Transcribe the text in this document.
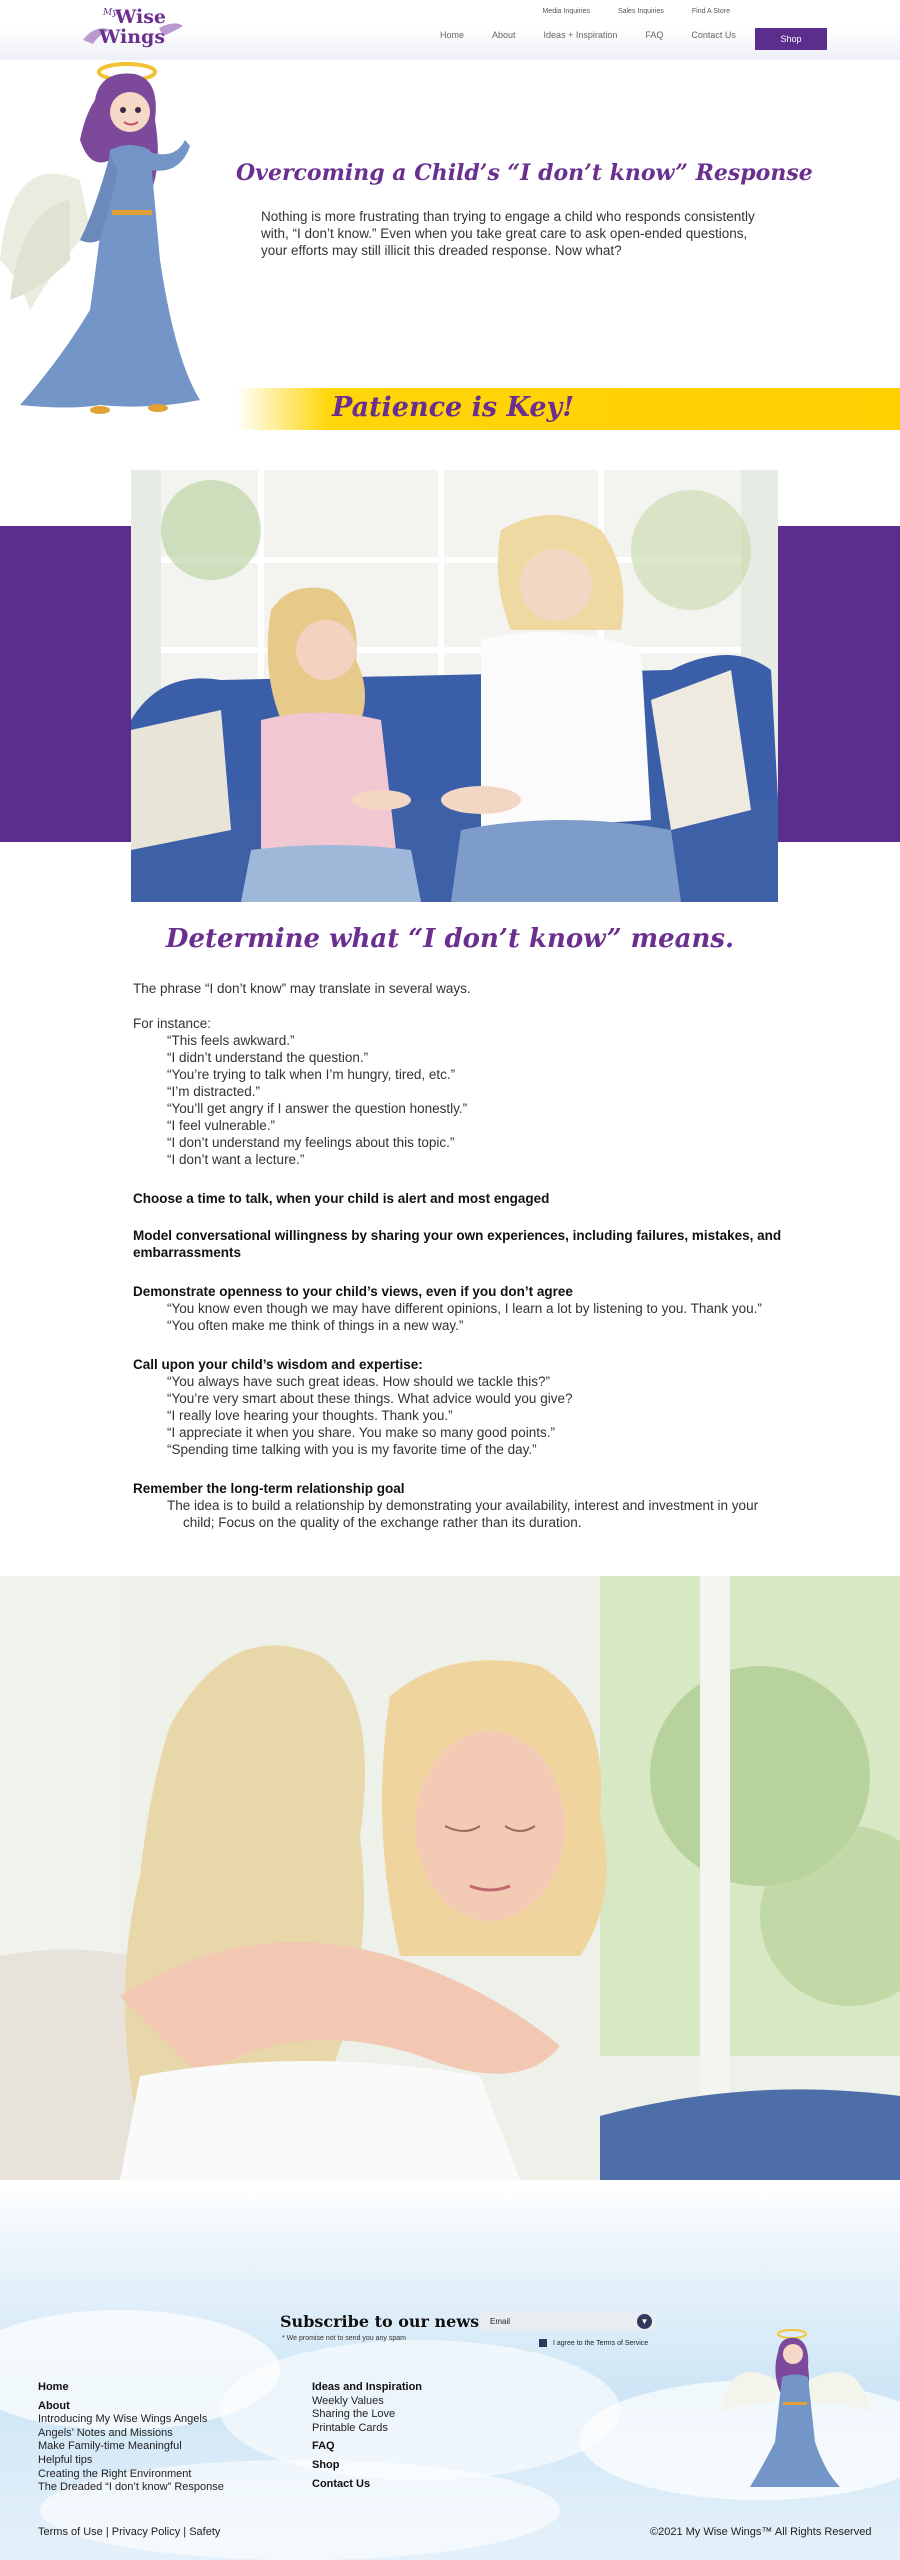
Media Inquiries	Sales Inquiries	Find A Store
My
Wise
Wings	Home	About	Ideas + Inspiration	FAQ	Contact Us	Shop
Overcoming a Child’s “I don’t know” Response
Nothing is more frustrating than trying to engage a child who responds consistently with, “I don’t know.” Even when you take great care to ask open-ended questions, your efforts may still illicit this dreaded response. Now what?
Patience is Key!
Determine what “I don’t know” means.

The phrase “I don’t know” may translate in several ways.

For instance:
“This feels awkward.”
“I didn’t understand the question.”
“You’re trying to talk when I’m hungry, tired, etc.”
“I’m distracted.”
“You’ll get angry if I answer the question honestly.”
“I feel vulnerable.”
“I don’t understand my feelings about this topic.”
“I don’t want a lecture.”
Choose a time to talk, when your child is alert and most engaged
Model conversational willingness by sharing your own experiences, including failures, mistakes, and embarrassments
Demonstrate openness to your child’s views, even if you don’t agree
“You know even though we may have different opinions, I learn a lot by listening to you. Thank you.”
“You often make me think of things in a new way.”
Call upon your child’s wisdom and expertise:
“You always have such great ideas. How should we tackle this?”
“You’re very smart about these things. What advice would you give?
“I really love hearing your thoughts. Thank you.”
“I appreciate it when you share. You make so many good points.”
“Spending time talking with you is my favorite time of the day.”
Remember the long-term relationship goal
The idea is to build a relationship by demonstrating your availability, interest and investment in your child; Focus on the quality of the exchange rather than its duration.
Subscribe to our news
* We promise not to send you any spam
Email	▼
I agree to the Terms of Service
Home
About
Introducing My Wise Wings Angels
Angels’ Notes and Missions
Make Family-time Meaningful
Helpful tips
Creating the Right Environment
The Dreaded “I don’t know” Response
Ideas and Inspiration
Weekly Values
Sharing the Love
Printable Cards
FAQ
Shop
Contact Us
Terms of Use | Privacy Policy | Safety	©2021 My Wise Wings™ All Rights Reserved
